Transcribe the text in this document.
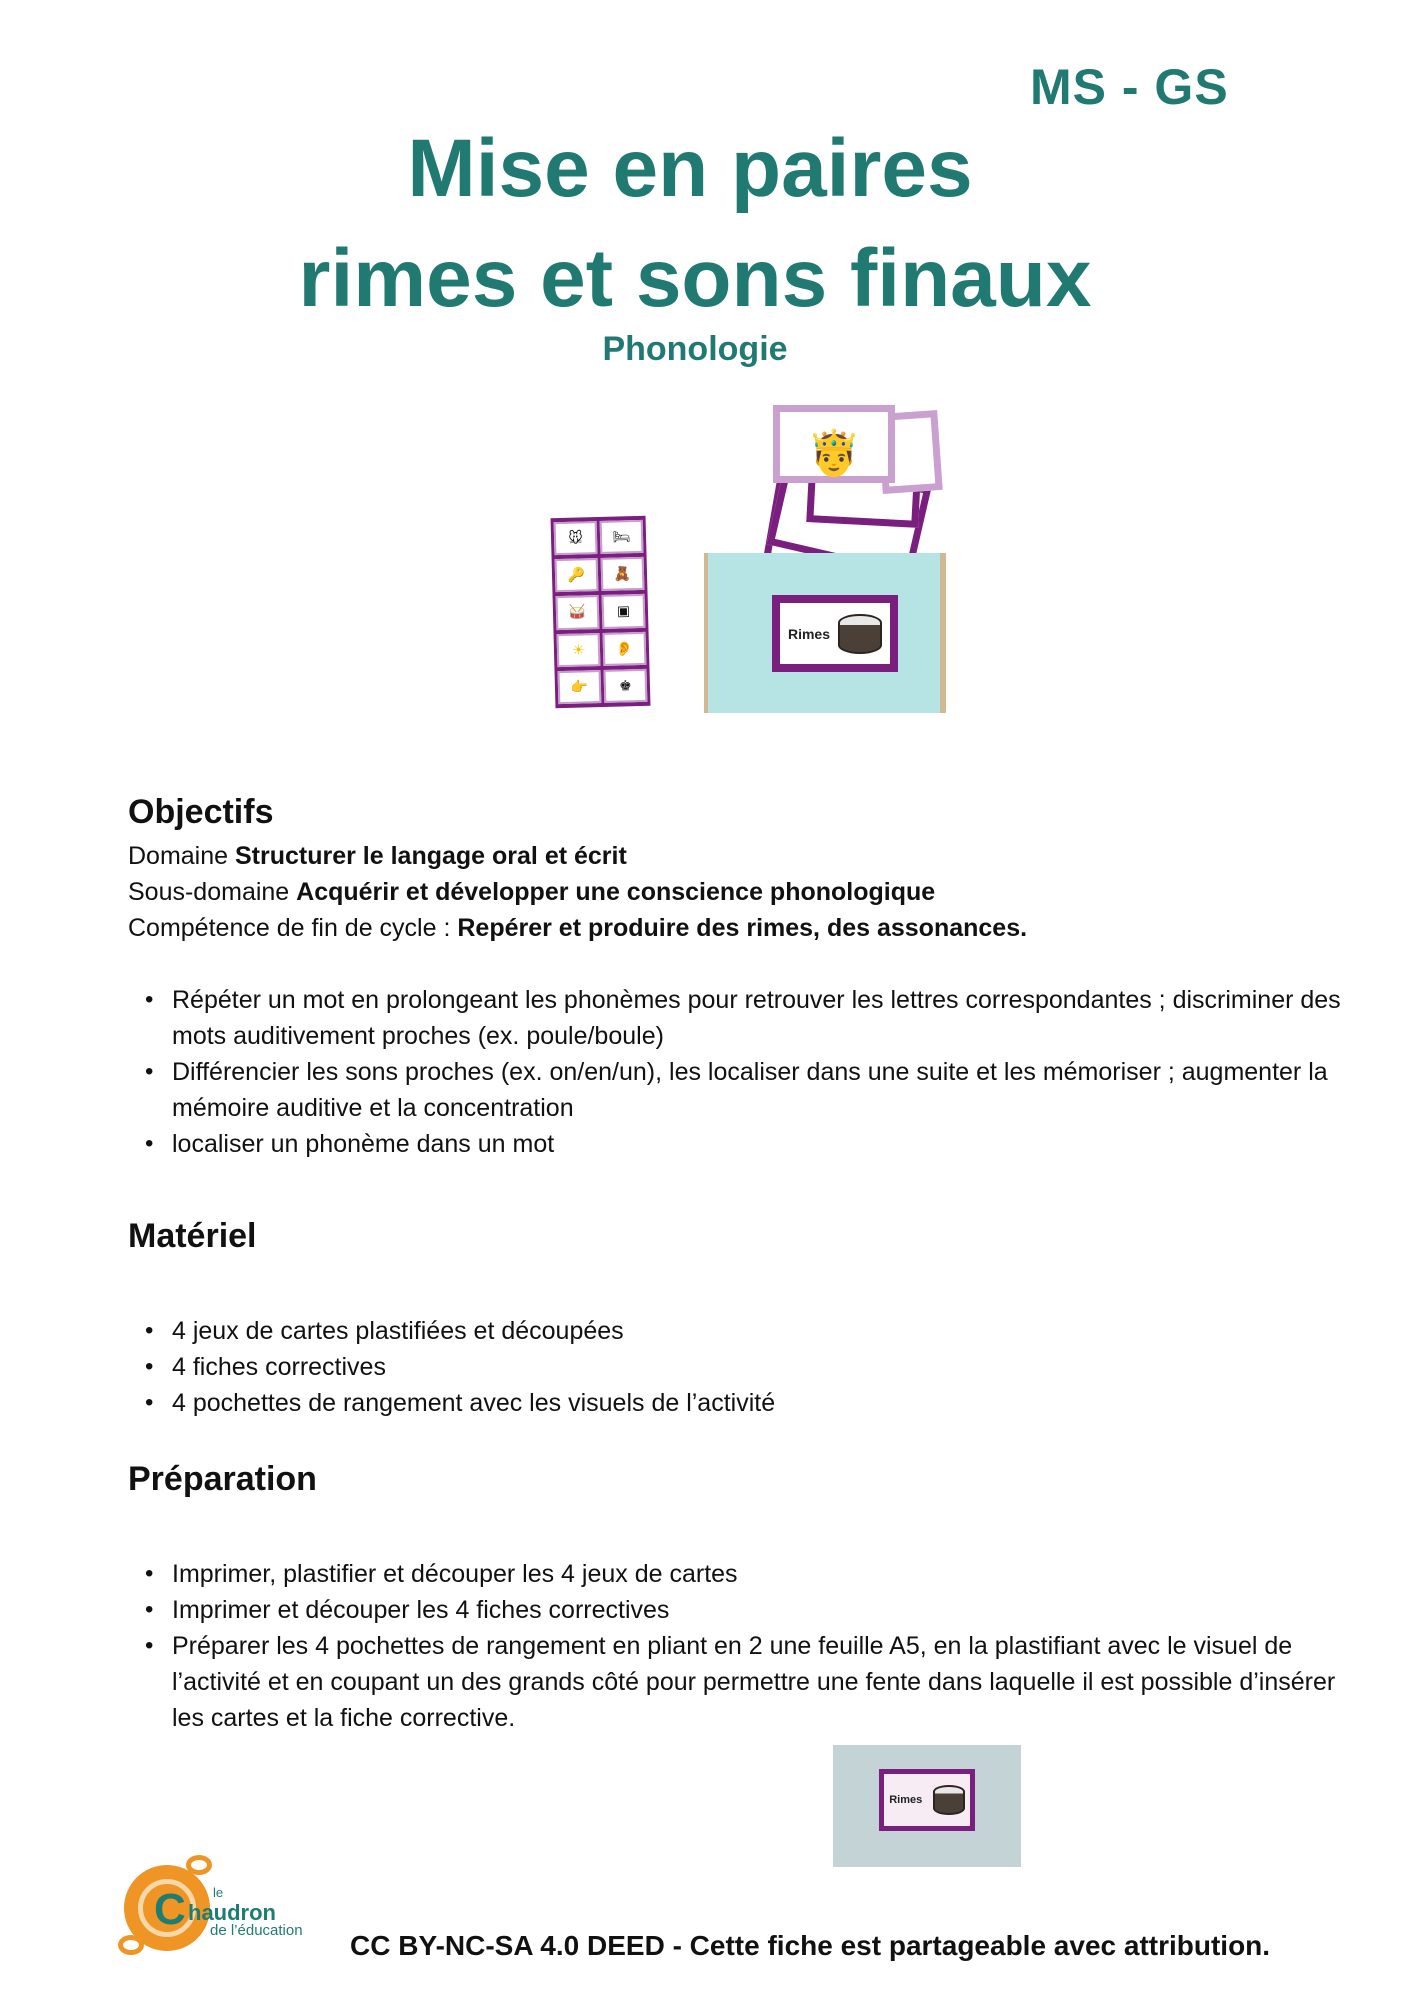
MS - GS
Mise en paires
rimes et sons finaux
Phonologie
🐭	🛏
🔑	🧸
🥁	▣
☀	👂
👉	♚
🤴
Rimes
Objectifs
Domaine Structurer le langage oral et écrit
Sous-domaine Acquérir et développer une conscience phonologique
Compétence de fin de cycle : Repérer et produire des rimes, des assonances.
• Répéter un mot en prolongeant les phonèmes pour retrouver les lettres correspondantes ; discriminer des mots auditivement proches (ex. poule/boule)
• Différencier les sons proches (ex. on/en/un), les localiser dans une suite et les mémoriser ; augmenter la mémoire auditive et la concentration
• localiser un phonème dans un mot
Matériel
• 4 jeux de cartes plastifiées et découpées
• 4 fiches correctives
• 4 pochettes de rangement avec les visuels de l’activité
Préparation
• Imprimer, plastifier et découper les 4 jeux de cartes
• Imprimer et découper les 4 fiches correctives
• Préparer les 4 pochettes de rangement en pliant en 2 une feuille A5, en la plastifiant avec le visuel de l’activité et en coupant un des grands côté pour permettre une fente dans laquelle il est possible d’insérer les cartes et la fiche corrective.
Rimes
le
C haudron
de l’éducation CC BY-NC-SA 4.0 DEED - Cette fiche est partageable avec attribution.
